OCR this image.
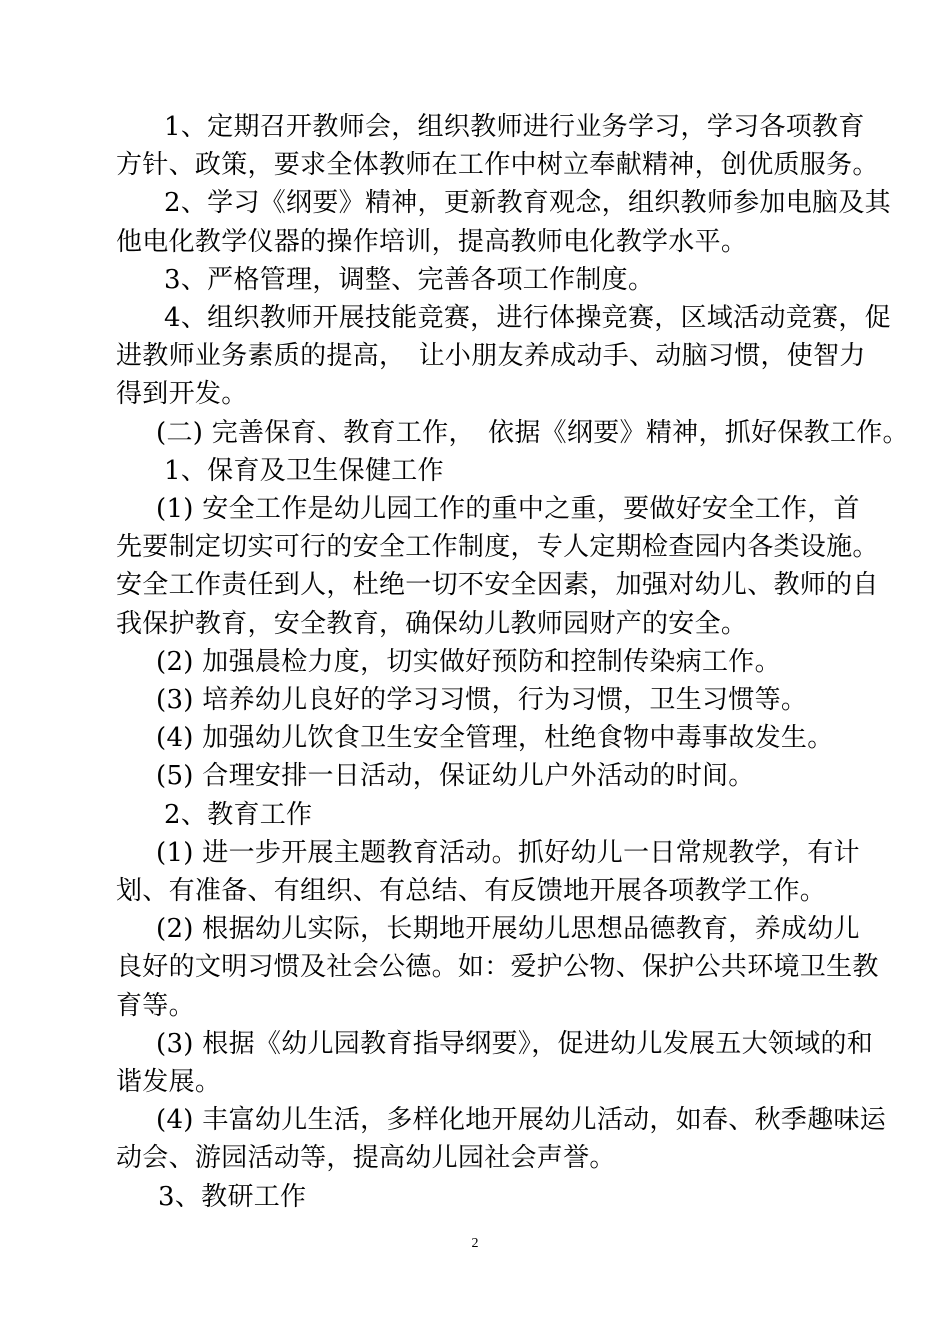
1、定期召开教师会，组织教师进行业务学习，学习各项教育
方针、政策，要求全体教师在工作中树立奉献精神，创优质服务。
2、学习《纲要》精神，更新教育观念，组织教师参加电脑及其
他电化教学仪器的操作培训，提高教师电化教学水平。
3、严格管理，调整、完善各项工作制度。
4、组织教师开展技能竞赛，进行体操竞赛，区域活动竞赛，促
进教师业务素质的提高，　让小朋友养成动手、动脑习惯，使智力
得到开发。
(二) 完善保育、教育工作，　依据《纲要》精神，抓好保教工作。
1、保育及卫生保健工作
(1) 安全工作是幼儿园工作的重中之重，要做好安全工作，首
先要制定切实可行的安全工作制度，专人定期检查园内各类设施。
安全工作责任到人，杜绝一切不安全因素，加强对幼儿、教师的自
我保护教育，安全教育，确保幼儿教师园财产的安全。
(2) 加强晨检力度，切实做好预防和控制传染病工作。
(3) 培养幼儿良好的学习习惯，行为习惯，卫生习惯等。
(4) 加强幼儿饮食卫生安全管理，杜绝食物中毒事故发生。
(5) 合理安排一日活动，保证幼儿户外活动的时间。
2、教育工作
(1) 进一步开展主题教育活动。抓好幼儿一日常规教学，有计
划、有准备、有组织、有总结、有反馈地开展各项教学工作。
(2) 根据幼儿实际，长期地开展幼儿思想品德教育，养成幼儿
良好的文明习惯及社会公德。如：爱护公物、保护公共环境卫生教
育等。
(3) 根据《幼儿园教育指导纲要》，促进幼儿发展五大领域的和
谐发展。
(4) 丰富幼儿生活，多样化地开展幼儿活动，如春、秋季趣味运
动会、游园活动等，提高幼儿园社会声誉。
3、教研工作
2
